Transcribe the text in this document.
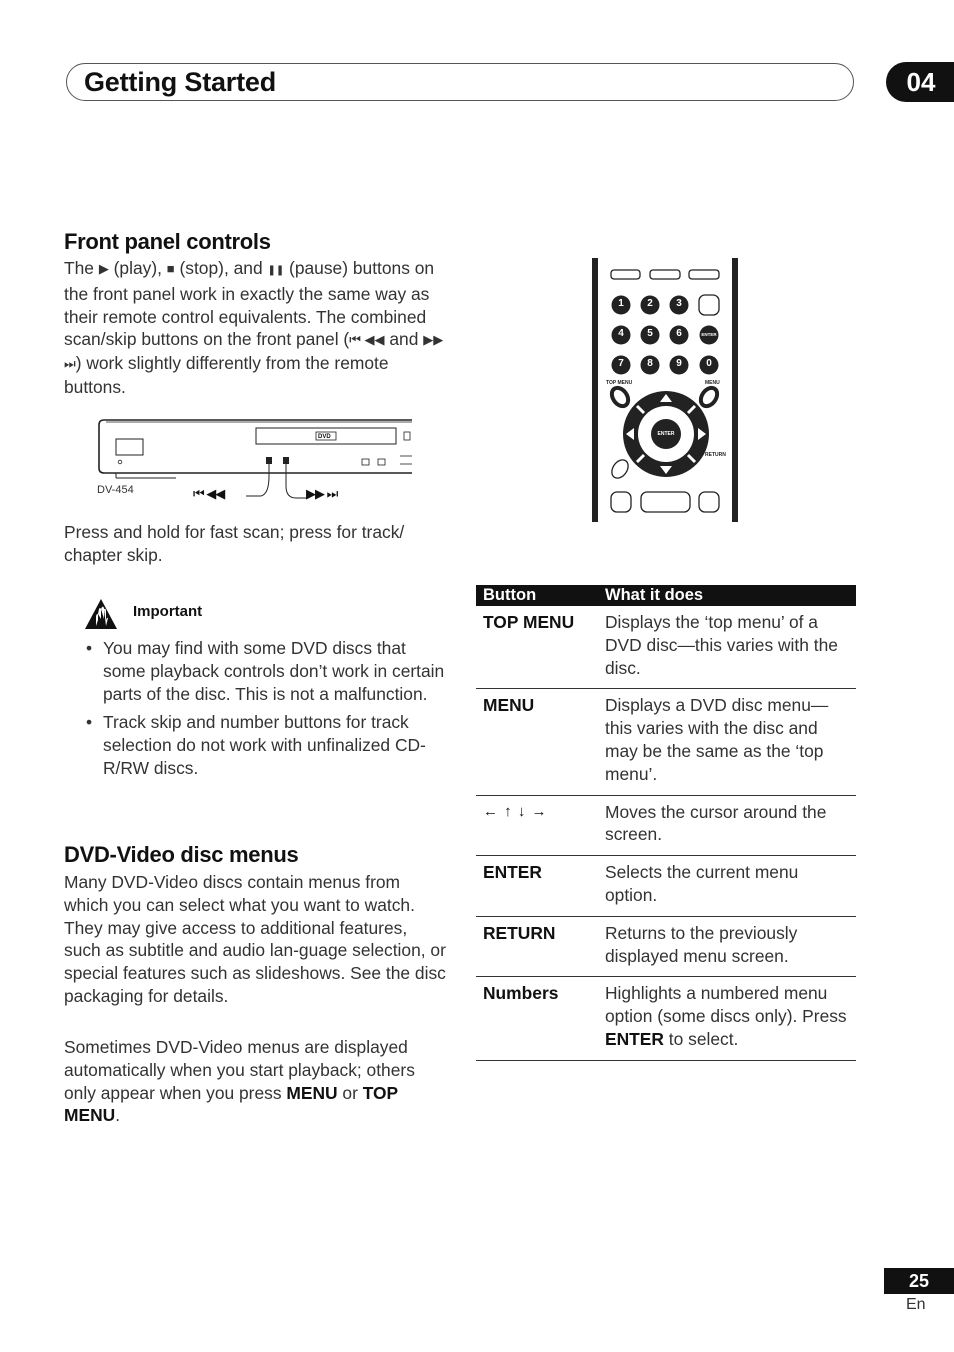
Getting Started	04
Front panel controls

The ▶ (play), ■ (stop), and ❚❚ (pause) buttons on the front panel work in exactly the same way as their remote control equivalents. The combined scan/skip buttons on the front panel (⏮ ◀◀ and ▶▶ ⏭) work slightly differently from the remote buttons.

DV-454
DVD
⏮ ◀◀	▶▶ ⏭

Press and hold for fast scan; press for track/ chapter skip.

Important
• You may find with some DVD discs that some playback controls don’t work in certain parts of the disc. This is not a malfunction.
• Track skip and number buttons for track selection do not work with unfinalized CD-R/RW discs.
DVD-Video disc menus

Many DVD-Video discs contain menus from which you can select what you want to watch. They may give access to additional features, such as subtitle and audio lan-guage selection, or special features such as slideshows. See the disc packaging for details.

Sometimes DVD-Video menus are displayed automatically when you start playback; others only appear when you press MENU or TOP MENU.

1	2	3
4	5	6	ENTER
7	8	9	0
TOP MENU	MENU
ENTER
RETURN
Button	What it does
TOP MENU	Displays the ‘top menu’ of a DVD disc—this varies with the disc.
MENU	Displays a DVD disc menu—this varies with the disc and may be the same as the ‘top menu’.
← ↑ ↓ →	Moves the cursor around the screen.
ENTER	Selects the current menu option.
RETURN	Returns to the previously displayed menu screen.
Numbers	Highlights a numbered menu option (some discs only). Press ENTER to select.
25
En
